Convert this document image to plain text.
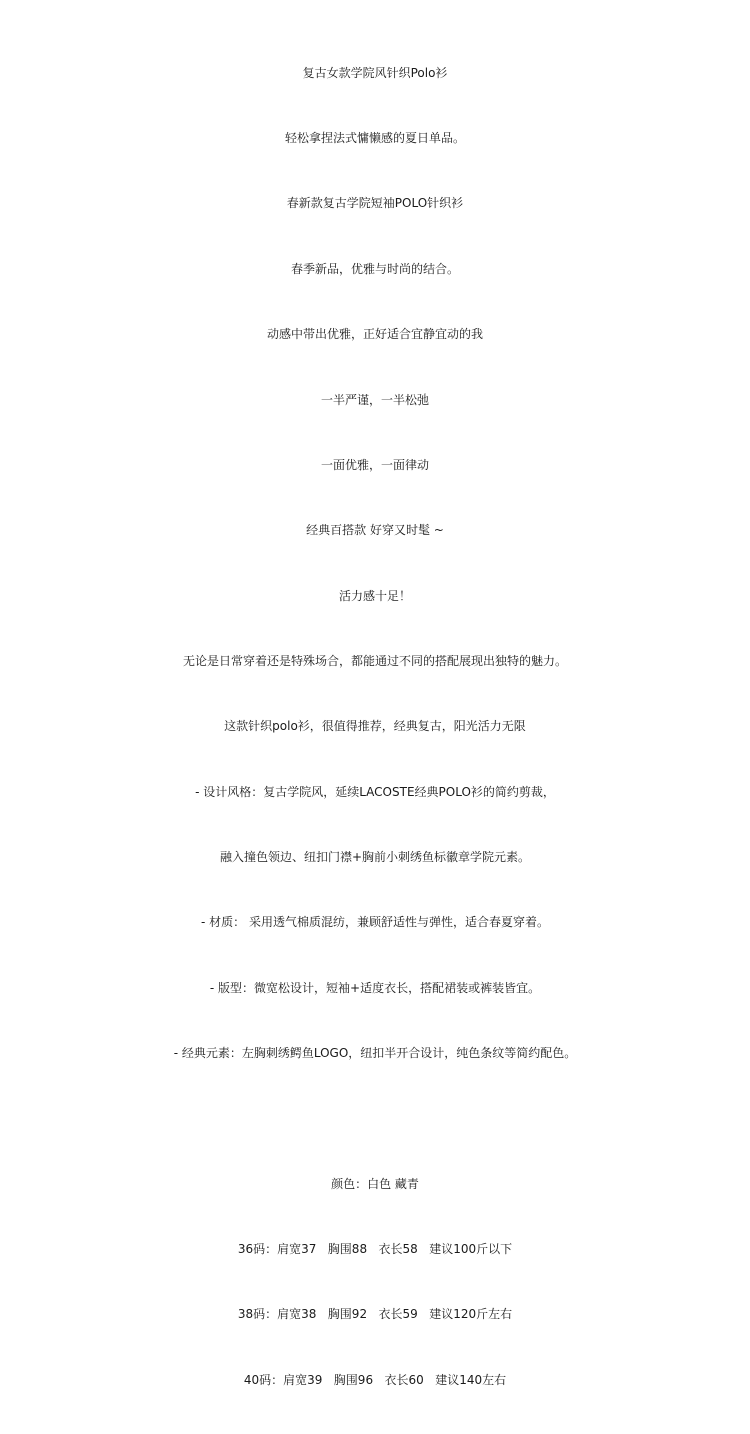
复古女款学院风针织Polo衫
轻松拿捏法式慵懒感的夏日单品。
春新款复古学院短袖POLO针织衫
春季新品，优雅与时尚的结合。
动感中带出优雅，正好适合宜静宜动的我
一半严谨，一半松弛
一面优雅，一面律动
经典百搭款 好穿又时髦 ~
活力感十足！
无论是日常穿着还是特殊场合，都能通过不同的搭配展现出独特的魅力。
这款针织polo衫，很值得推荐，经典复古，阳光活力无限
- 设计风格：复古学院风，延续LACOSTE经典POLO衫的简约剪裁，
融入撞色领边、纽扣门襟+胸前小刺绣鱼标徽章学院元素。
- 材质： 采用透气棉质混纺，兼顾舒适性与弹性，适合春夏穿着。
- 版型：微宽松设计，短袖+适度衣长，搭配裙装或裤装皆宜。
- 经典元素：左胸刺绣鳄鱼LOGO，纽扣半开合设计，纯色条纹等简约配色。
颜色：白色 藏青
36码：肩宽37   胸围88   衣长58   建议100斤以下
38码：肩宽38   胸围92   衣长59   建议120斤左右
40码：肩宽39   胸围96   衣长60   建议140左右
